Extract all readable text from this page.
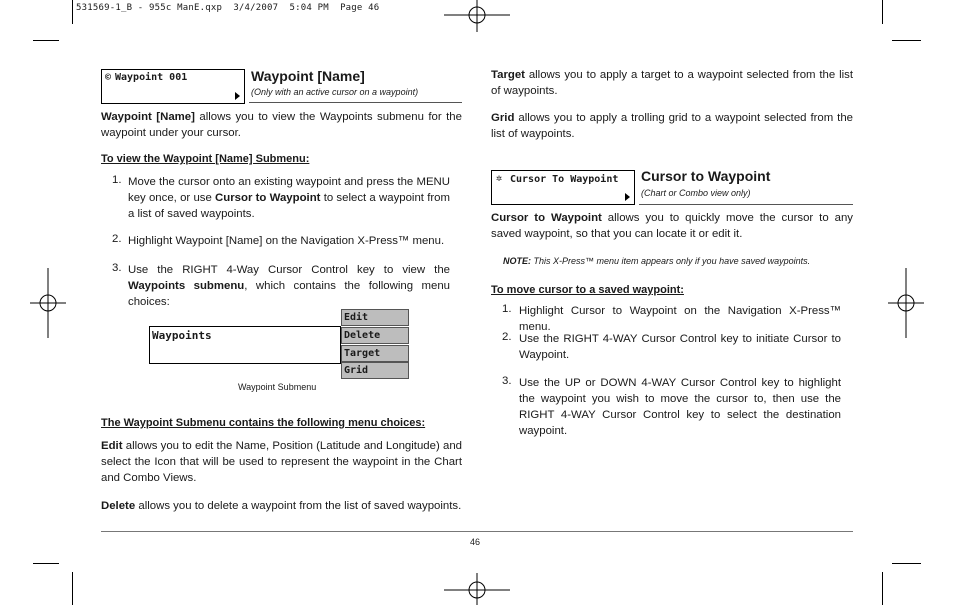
531569-1_B - 955c ManE.qxp  3/4/2007  5:04 PM  Page 46
© Waypoint 001	Waypoint [Name]
(Only with an active cursor on a waypoint)
Waypoint [Name] allows you to view the Waypoints submenu for the waypoint under your cursor.
To view the Waypoint [Name] Submenu:
1. Move the cursor onto an existing waypoint and press the MENU key once, or use Cursor to Waypoint to select a waypoint from a list of saved waypoints.
2. Highlight Waypoint [Name] on the Navigation X-Press™ menu.
3. Use the RIGHT 4-Way Cursor Control key to view the Waypoints submenu, which contains the following menu choices:
Waypoints
Edit
Delete
Target
Grid
Waypoint Submenu
The Waypoint Submenu contains the following menu choices:
Edit allows you to edit the Name, Position (Latitude and Longitude) and select the Icon that will be used to represent the waypoint in the Chart and Combo Views.
Delete allows you to delete a waypoint from the list of saved waypoints.
Target allows you to apply a target to a waypoint selected from the list of waypoints.
Grid allows you to apply a trolling grid to a waypoint selected from the list of waypoints.
✲ Cursor To Waypoint Cursor to Waypoint
(Chart or Combo view only)
Cursor to Waypoint allows you to quickly move the cursor to any saved waypoint, so that you can locate it or edit it.
NOTE: This X-Press™ menu item appears only if you have saved waypoints.
To move cursor to a saved waypoint:
1. Highlight Cursor to Waypoint on the Navigation X-Press™ menu.
2. Use the RIGHT 4-WAY Cursor Control key to initiate Cursor to Waypoint.
3. Use the UP or DOWN 4-WAY Cursor Control key to highlight the waypoint you wish to move the cursor to, then use the RIGHT 4-WAY Cursor Control key to select the destination waypoint.
46
